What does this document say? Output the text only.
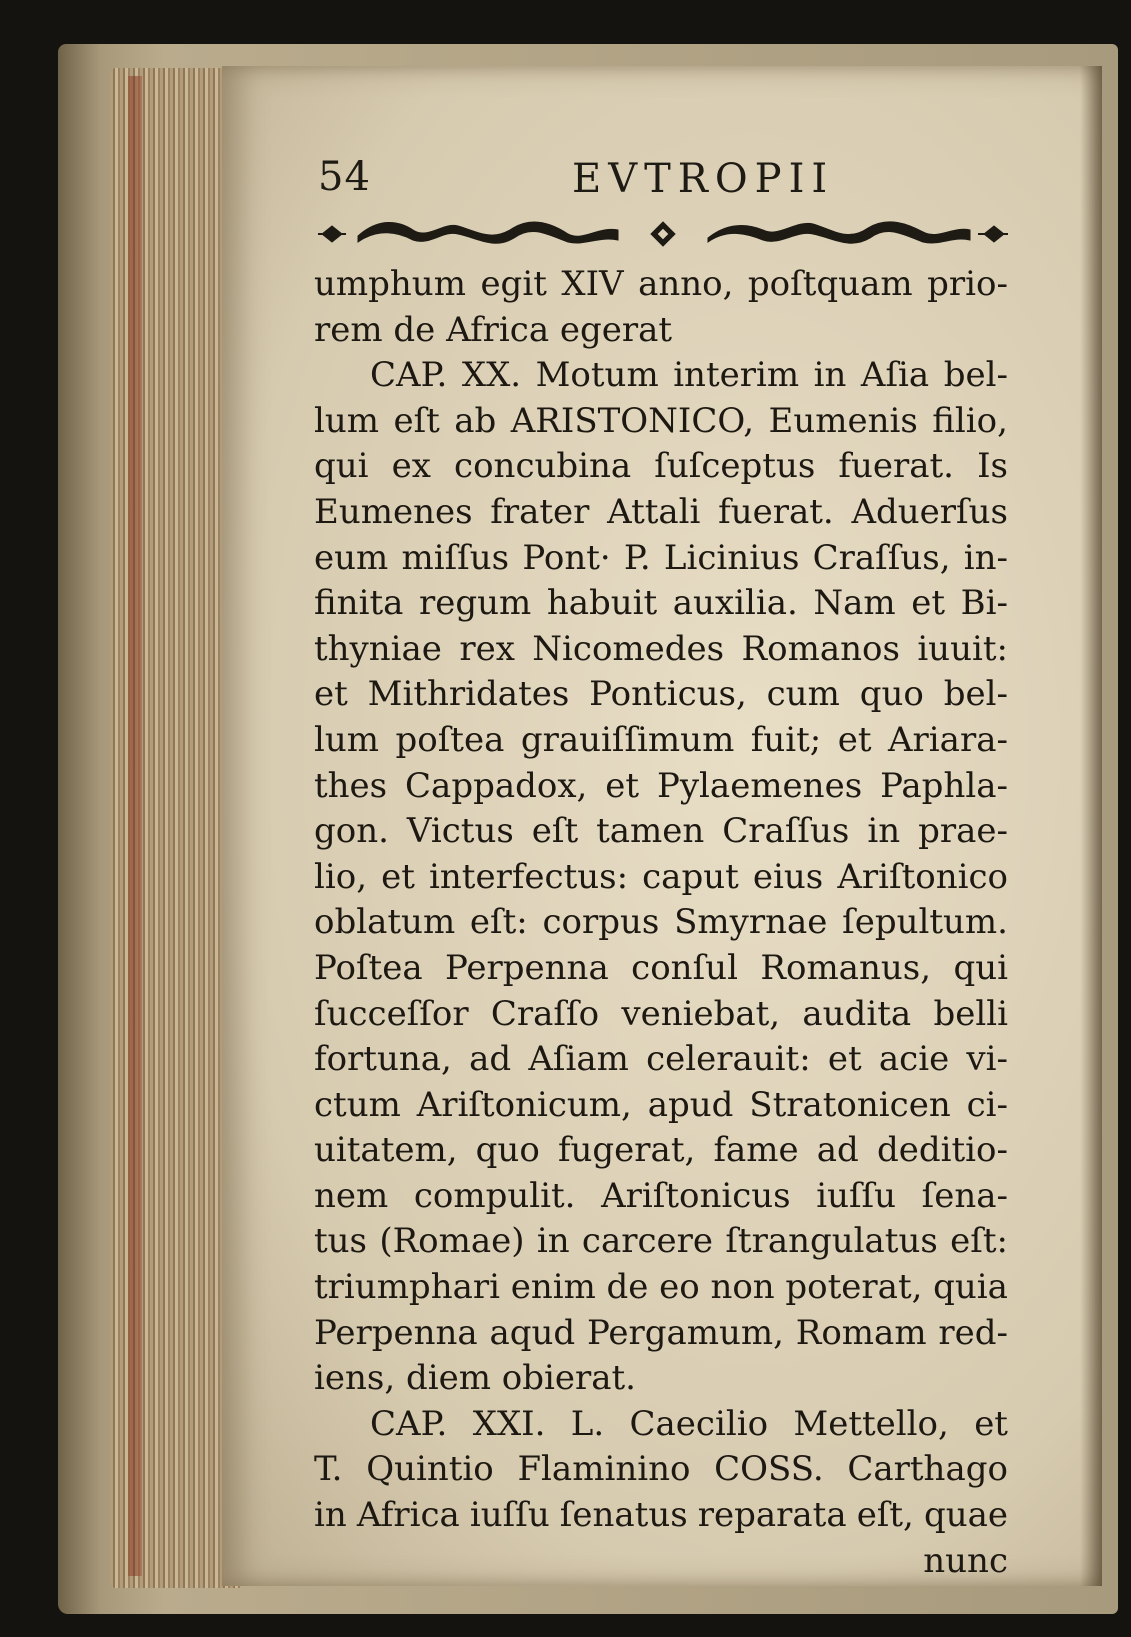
54	EVTROPII
umphum egit XIV anno, poſtquam prio-
rem de Africa egerat
CAP. XX. Motum interim in Aſia bel-
lum eſt ab ARISTONICO, Eumenis filio,
qui ex concubina ſuſceptus fuerat. Is
Eumenes frater Attali fuerat. Aduerſus
eum miſſus Pont· P. Licinius Craſſus, in-
finita regum habuit auxilia. Nam et Bi-
thyniae rex Nicomedes Romanos iuuit:
et Mithridates Ponticus, cum quo bel-
lum poſtea grauiſſimum fuit; et Ariara-
thes Cappadox, et Pylaemenes Paphla-
gon. Victus eſt tamen Craſſus in prae-
lio, et interfectus: caput eius Ariſtonico
oblatum eſt: corpus Smyrnae ſepultum.
Poſtea Perpenna conſul Romanus, qui
ſucceſſor Craſſo veniebat, audita belli
fortuna, ad Aſiam celerauit: et acie vi-
ctum Ariſtonicum, apud Stratonicen ci-
uitatem, quo fugerat, fame ad deditio-
nem compulit. Ariſtonicus iuſſu ſena-
tus (Romae) in carcere ſtrangulatus eſt:
triumphari enim de eo non poterat, quia
Perpenna aqud Pergamum, Romam red-
iens, diem obierat.
CAP. XXI. L. Caecilio Mettello, et
T. Quintio Flaminino COSS. Carthago
in Africa iuſſu ſenatus reparata eſt, quae
nunc
